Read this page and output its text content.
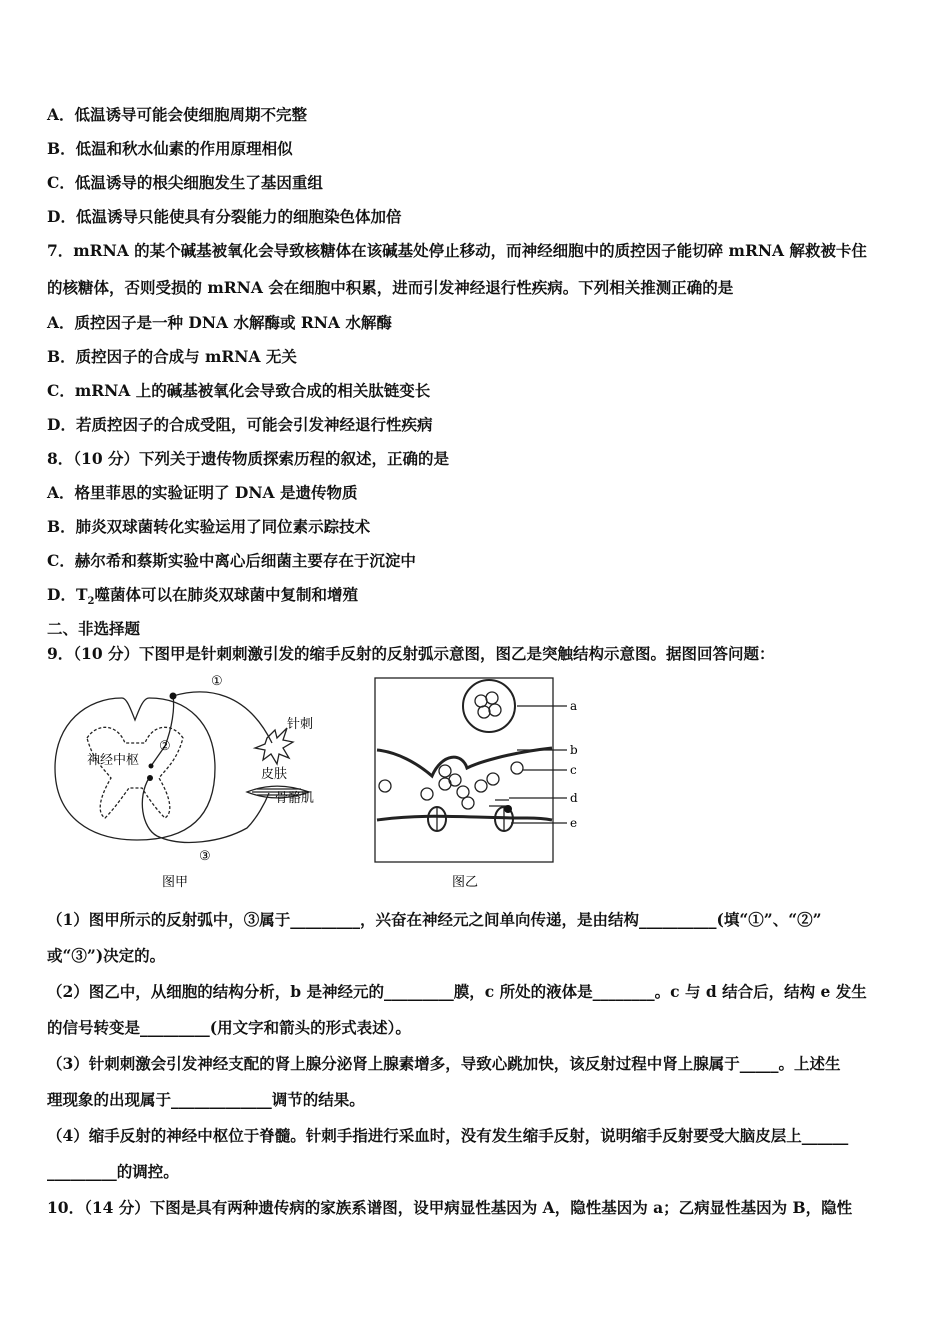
A．低温诱导可能会使细胞周期不完整
B．低温和秋水仙素的作用原理相似
C．低温诱导的根尖细胞发生了基因重组
D．低温诱导只能使具有分裂能力的细胞染色体加倍
7．mRNA 的某个碱基被氧化会导致核糖体在该碱基处停止移动，而神经细胞中的质控因子能切碎 mRNA 解救被卡住
的核糖体，否则受损的 mRNA 会在细胞中积累，进而引发神经退行性疾病。下列相关推测正确的是
A．质控因子是一种 DNA 水解酶或 RNA 水解酶
B．质控因子的合成与 mRNA 无关
C．mRNA 上的碱基被氧化会导致合成的相关肽链变长
D．若质控因子的合成受阻，可能会引发神经退行性疾病
8．（10 分）下列关于遗传物质探索历程的叙述，正确的是
A．格里菲思的实验证明了 DNA 是遗传物质
B．肺炎双球菌转化实验运用了同位素示踪技术
C．赫尔希和蔡斯实验中离心后细菌主要存在于沉淀中
D．$T_2$噬菌体可以在肺炎双球菌中复制和增殖
二、非选择题
9．（10 分）下图甲是针刺刺激引发的缩手反射的反射弧示意图，图乙是突触结构示意图。据图回答问题：
神经中枢
①
②
③
针刺
皮肤
骨骼肌
图甲
a
b
c
d
e
图乙
（1）图甲所示的反射弧中，③属于_________，兴奋在神经元之间单向传递，是由结构__________(填“①”、“②”
或“③”)决定的。
（2）图乙中，从细胞的结构分析，b 是神经元的_________膜，c 所处的液体是________。c 与 d 结合后，结构 e 发生
的信号转变是_________(用文字和箭头的形式表述）。
（3）针刺刺激会引发神经支配的肾上腺分泌肾上腺素增多，导致心跳加快，该反射过程中肾上腺属于_____。上述生
理现象的出现属于_____________调节的结果。
（4）缩手反射的神经中枢位于脊髓。针刺手指进行采血时，没有发生缩手反射，说明缩手反射要受大脑皮层上______
_________的调控。
10．（14 分）下图是具有两种遗传病的家族系谱图，设甲病显性基因为 A，隐性基因为 a；乙病显性基因为 B，隐性
